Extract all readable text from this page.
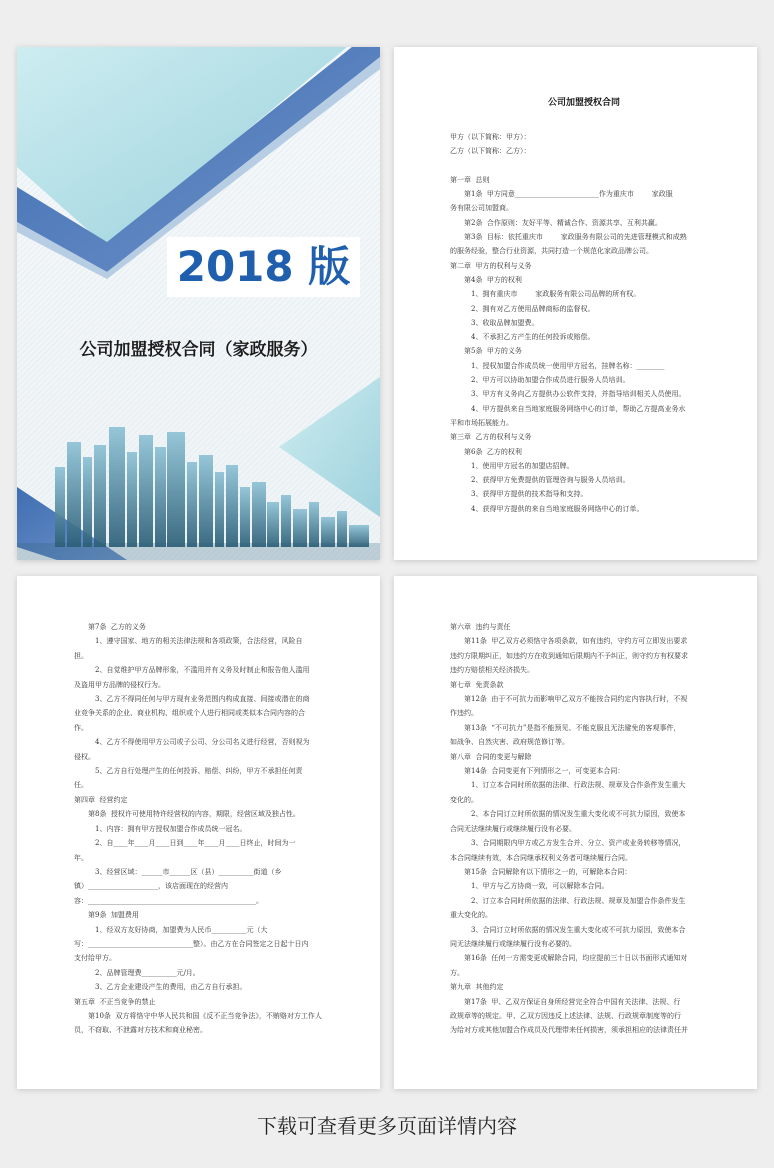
2018 版
公司加盟授权合同（家政服务）
公司加盟授权合同
甲方（以下简称：甲方）：
乙方（以下简称：乙方）：

第一章  总则
第1条  甲方同意________________________作为重庆市        家政服
务有限公司加盟商。
第2条  合作原则：友好平等、精诚合作、资源共享、互利共赢。
第3条  目标：依托重庆市        家政服务有限公司的先进管理模式和成熟
的服务经验，整合行业资源，共同打造一个规范化家政品牌公司。
第二章  甲方的权利与义务
第4条  甲方的权利
1、拥有重庆市        家政服务有限公司品牌的所有权。
2、拥有对乙方使用品牌商标的监督权。
3、收取品牌加盟费。
4、不承担乙方产生的任何投诉或赔偿。
第5条  甲方的义务
1、授权加盟合作成员统一使用甲方冠名，挂牌名称：________
2、甲方可以协助加盟合作成员进行服务人员培训。
3、甲方有义务向乙方提供办公软件支持，并指导培训相关人员使用。
4、甲方提供来自当地家庭服务网络中心的订单，帮助乙方提高业务水
平和市场拓展能力。
第三章  乙方的权利与义务
第6条  乙方的权利
1、使用甲方冠名的加盟店招牌。
2、获得甲方免费提供的管理咨询与服务人员培训。
3、获得甲方提供的技术指导和支持。
4、获得甲方提供的来自当地家庭服务网络中心的订单。
第7条  乙方的义务
1、遵守国家、地方的相关法律法规和各项政策，合法经营，风险自
担。
2、自觉维护甲方品牌形象，不滥用并有义务及时制止和报告他人滥用
及盗用甲方品牌的侵权行为。
3、乙方不得同任何与甲方现有业务范围内构成直接、间接或潜在的商
业竞争关系的企业、商业机构、组织或个人进行相同或类似本合同内容的合
作。
4、乙方不得使用甲方公司或子公司、分公司名义进行经营，否则视为
侵权。
5、乙方自行处理产生的任何投诉、赔偿、纠纷，甲方不承担任何责
任。
第四章  经营约定
第8条  授权许可使用特许经营权的内容，期限，经营区域及独占性。
1、内容：拥有甲方授权加盟合作成员统一冠名。
2、自____年____月____日到____年____月____日终止，时间为一
年。
3、经营区域：______市______区（县）__________街道（乡
镇）____________________，该店面现在的经营内
容：________________________________________________。
第9条  加盟费用
1、经双方友好协商，加盟费为人民币__________元（大
写：______________________________整）。由乙方在合同签定之日起十日内
支付给甲方。
2、品牌管理费__________元/月。
3、乙方企业建设产生的费用，由乙方自行承担。
第五章  不正当竞争的禁止
第10条  双方将恪守中华人民共和国《反不正当竞争法》，不贿赂对方工作人
员，不窃取、不泄露对方技术和商业秘密。
第六章  违约与责任
第11条  甲乙双方必须恪守各项条款，如有违约，守约方可立即发出要求
违约方限期纠正，如违约方在收到通知后限期内不予纠正，则守约方有权要求
违约方赔偿相关经济损失。
第七章  免责条款
第12条  由于不可抗力而影响甲乙双方不能按合同约定内容执行时，不视
作违约。
第13条  “不可抗力”是指不能预见、不能克服且无法避免的客观事件，
如战争、自然灾害、政府规范修订等。
第八章  合同的变更与解除
第14条  合同变更有下列情形之一，可变更本合同：
1、订立本合同时所依据的法律、行政法规、规章及合作条件发生重大
变化的。
2、本合同订立时所依据的情况发生重大变化或不可抗力原因，致使本
合同无法继续履行或继续履行没有必要。
3、合同期限内甲方或乙方发生合并、分立、资产或业务转移等情况，
本合同继续有效，本合同继承权利义务者可继续履行合同。
第15条  合同解除有以下情形之一的，可解除本合同：
1、甲方与乙方协商一致，可以解除本合同。
2、订立本合同时所依据的法律、行政法规、规章及加盟合作条件发生
重大变化的。
3、合同订立时所依据的情况发生重大变化或不可抗力原因，致使本合
同无法继续履行或继续履行没有必要的。
第16条  任何一方需变更或解除合同，均应提前三十日以书面形式通知对
方。
第九章  其他约定
第17条  甲、乙双方保证自身所经营完全符合中国有关法律、法规、行
政规章等的规定。甲、乙双方因违反上述法律、法规、行政规章制度等的行
为给对方或其他加盟合作成员及代理带来任何损害，须承担相应的法律责任并
下载可查看更多页面详情内容
